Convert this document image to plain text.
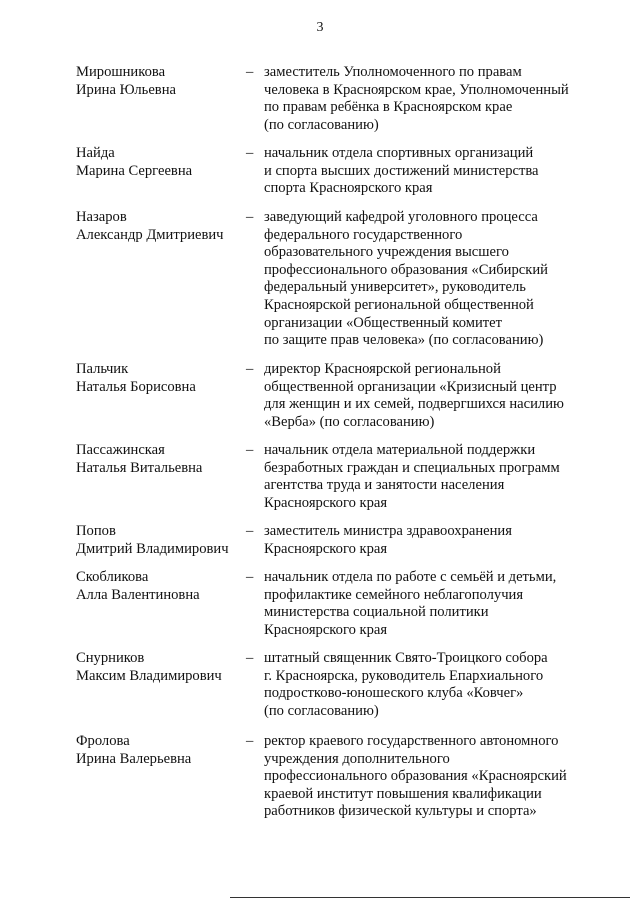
3
Мирошникова
Ирина Юльевна
– заместитель Уполномоченного по правам
человека в Красноярском крае, Уполномоченный
по правам ребёнка в Красноярском крае
(по согласованию)
Найда
Марина Сергеевна
– начальник отдела спортивных организаций
и спорта высших достижений министерства
спорта Красноярского края
Назаров
Александр Дмитриевич
– заведующий кафедрой уголовного процесса
федерального государственного
образовательного учреждения высшего
профессионального образования «Сибирский
федеральный университет», руководитель
Красноярской региональной общественной
организации «Общественный комитет
по защите прав человека» (по согласованию)
Пальчик
Наталья Борисовна
– директор Красноярской региональной
общественной организации «Кризисный центр
для женщин и их семей, подвергшихся насилию
«Верба» (по согласованию)
Пассажинская
Наталья Витальевна
– начальник отдела материальной поддержки
безработных граждан и специальных программ
агентства труда и занятости населения
Красноярского края
Попов
Дмитрий Владимирович
– заместитель министра здравоохранения
Красноярского края
Скобликова
Алла Валентиновна
– начальник отдела по работе с семьёй и детьми,
профилактике семейного неблагополучия
министерства социальной политики
Красноярского края
Снурников
Максим Владимирович
– штатный священник Свято-Троицкого собора
г. Красноярска, руководитель Епархиального
подростково-юношеского клуба «Ковчег»
(по согласованию)
Фролова
Ирина Валерьевна
– ректор краевого государственного автономного
учреждения дополнительного
профессионального образования «Красноярский
краевой институт повышения квалификации
работников физической культуры и спорта»
